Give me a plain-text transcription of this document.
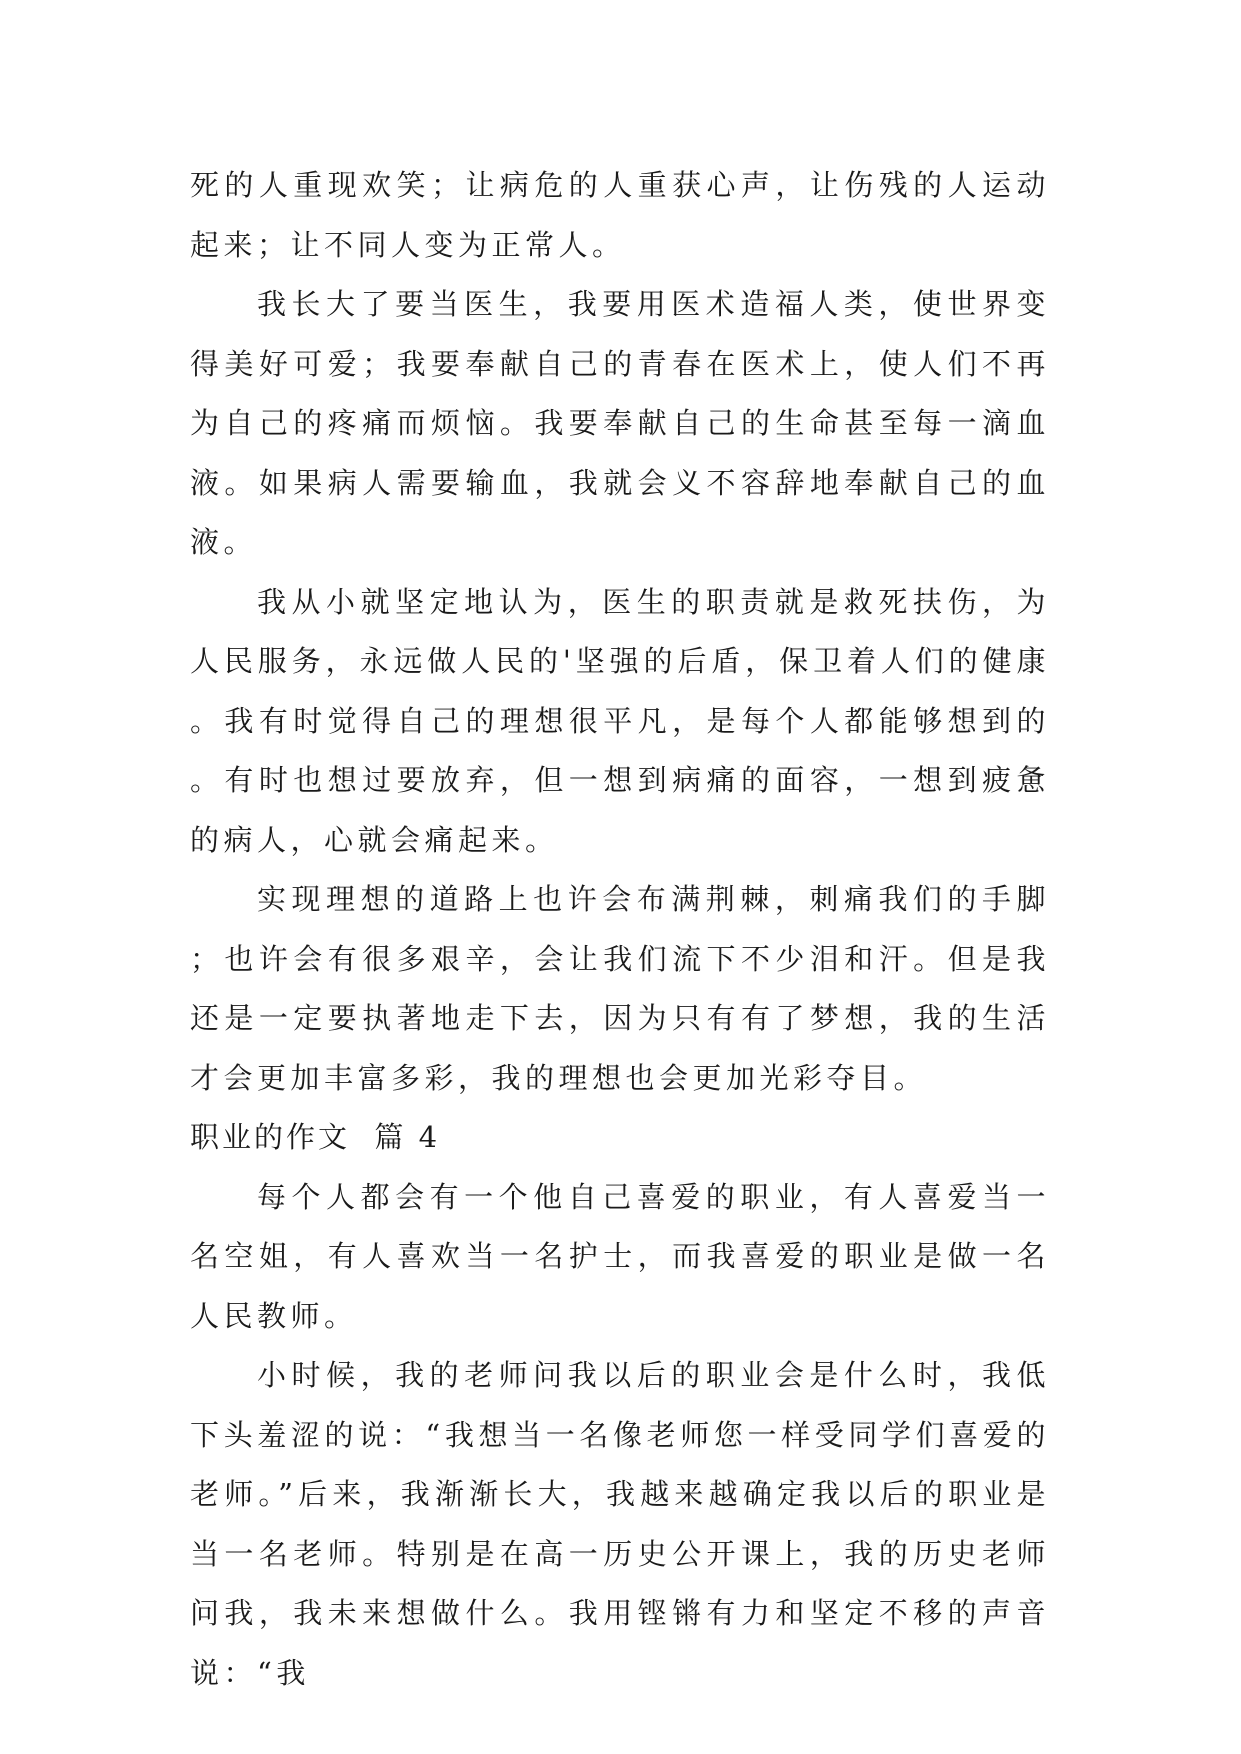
死的人重现欢笑；让病危的人重获心声，让伤残的人运动起来；让不同人变为正常人。

我长大了要当医生，我要用医术造福人类，使世界变得美好可爱；我要奉献自己的青春在医术上，使人们不再为自己的疼痛而烦恼。我要奉献自己的生命甚至每一滴血液。如果病人需要输血，我就会义不容辞地奉献自己的血液。

我从小就坚定地认为，医生的职责就是救死扶伤，为人民服务，永远做人民的'坚强的后盾，保卫着人们的健康。我有时觉得自己的理想很平凡，是每个人都能够想到的。有时也想过要放弃，但一想到病痛的面容，一想到疲惫的病人，心就会痛起来。

实现理想的道路上也许会布满荆棘，刺痛我们的手脚；也许会有很多艰辛，会让我们流下不少泪和汗。但是我还是一定要执著地走下去，因为只有有了梦想，我的生活才会更加丰富多彩，我的理想也会更加光彩夺目。

职业的作文  篇 4

每个人都会有一个他自己喜爱的职业，有人喜爱当一名空姐，有人喜欢当一名护士，而我喜爱的职业是做一名人民教师。

小时候，我的老师问我以后的职业会是什么时，我低下头羞涩的说：“我想当一名像老师您一样受同学们喜爱的老师。”后来，我渐渐长大，我越来越确定我以后的职业是当一名老师。特别是在高一历史公开课上，我的历史老师问我，我未来想做什么。我用铿锵有力和坚定不移的声音说：“我
